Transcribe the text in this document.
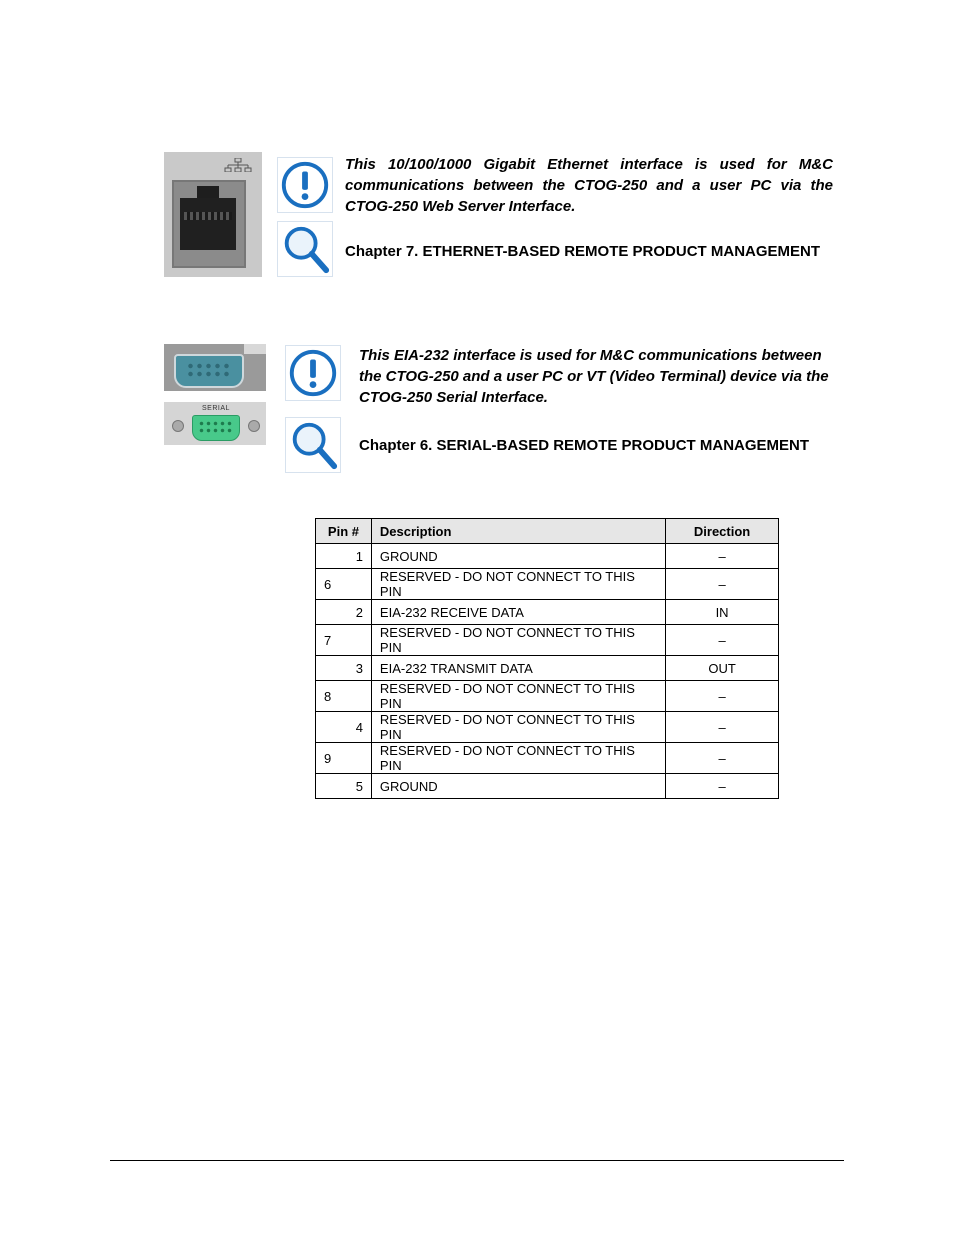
This 10/100/1000 Gigabit Ethernet interface is used for M&C communications between the CTOG-250 and a user PC via the CTOG-250 Web Server Interface.
Chapter 7. ETHERNET-BASED REMOTE PRODUCT MANAGEMENT
SERIAL
This EIA-232 interface is used for M&C communications between the CTOG-250 and a user PC or VT (Video Terminal) device via the CTOG-250 Serial Interface.
Chapter 6. SERIAL-BASED REMOTE PRODUCT MANAGEMENT
Pin #	Description	Direction
1	GROUND	–
6	RESERVED - DO NOT CONNECT TO THIS PIN	–
2	EIA-232 RECEIVE DATA	IN
7	RESERVED - DO NOT CONNECT TO THIS PIN	–
3	EIA-232 TRANSMIT DATA	OUT
8	RESERVED - DO NOT CONNECT TO THIS PIN	–
4	RESERVED - DO NOT CONNECT TO THIS PIN	–
9	RESERVED - DO NOT CONNECT TO THIS PIN	–
5	GROUND	–
